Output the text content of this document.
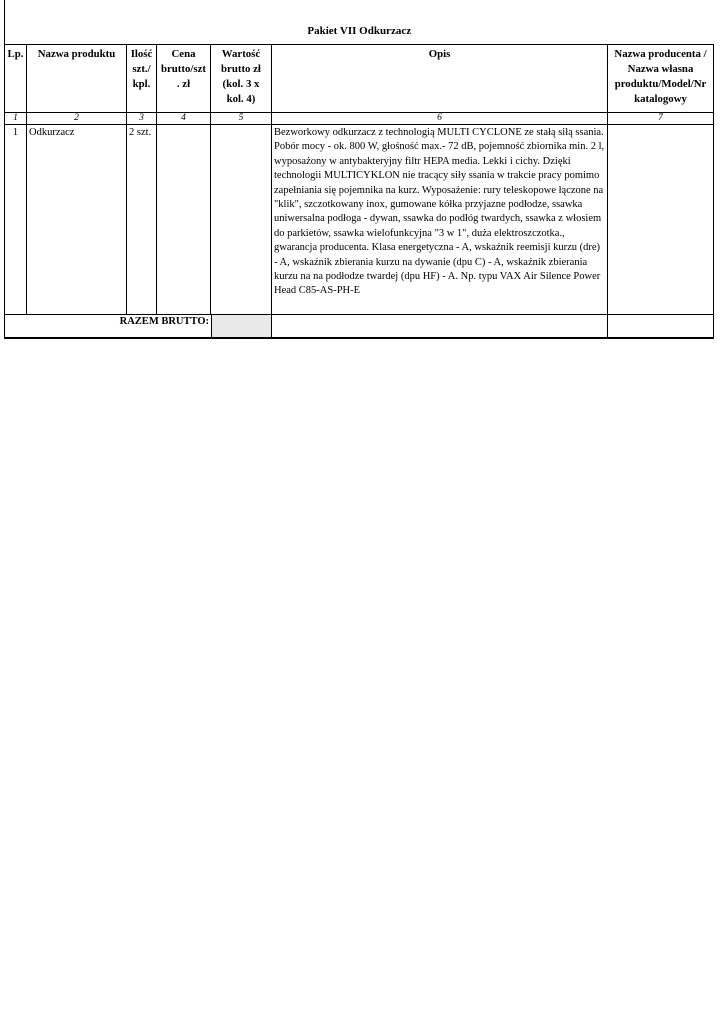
Pakiet VII Odkurzacz						
Lp.	Nazwa produktu	Ilość szt./ kpl.	Cena brutto/szt . zł	Wartość brutto zł (kol. 3 x kol. 4)	Opis	Nazwa producenta / Nazwa własna produktu/Model/Nr katalogowy
1	2	3	4	5	6	7
1	Odkurzacz	2 szt.			Bezworkowy odkurzacz z technologią MULTI CYCLONE ze stałą siłą ssania. Pobór mocy - ok. 800 W, głośność max.- 72 dB, pojemność zbiornika min. 2 l, wyposażony w antybakteryjny filtr HEPA media. Lekki i cichy. Dzięki technologii MULTICYKLON nie tracący siły ssania w trakcie pracy pomimo zapełniania się pojemnika na kurz. Wyposażenie: rury teleskopowe łączone na "klik", szczotkowany inox, gumowane kółka przyjazne podłodze, ssawka uniwersalna podłoga - dywan, ssawka do podłóg twardych, ssawka z włosiem do parkietów, ssawka wielofunkcyjna "3 w 1", duża elektroszczotka., gwarancja producenta. Klasa energetyczna - A, wskaźnik reemisji kurzu (dre) - A, wskaźnik zbierania kurzu na dywanie (dpu C) - A, wskaźnik zbierania kurzu na na podłodze twardej (dpu HF) - A. Np. typu VAX Air Silence Power Head C85-AS-PH-E	

RAZEM BRUTTO:						
